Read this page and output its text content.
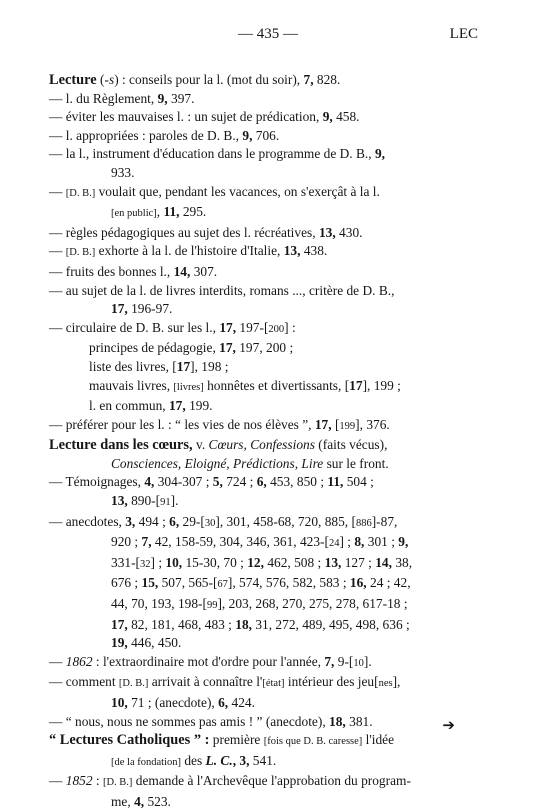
— 435 —	LEC
Lecture (-s) : conseils pour la l. (mot du soir), 7, 828.
— l. du Règlement, 9, 397.
— éviter les mauvaises l. : un sujet de prédication, 9, 458.
— l. appropriées : paroles de D. B., 9, 706.
— la l., instrument d'éducation dans le programme de D. B., 9,
933.
— [D. B.] voulait que, pendant les vacances, on s'exerçât à la l.
[en public], 11, 295.
— règles pédagogiques au sujet des l. récréatives, 13, 430.
— [D. B.] exhorte à la l. de l'histoire d'Italie, 13, 438.
— fruits des bonnes l., 14, 307.
— au sujet de la l. de livres interdits, romans ..., critère de D. B.,
17, 196-97.
— circulaire de D. B. sur les l., 17, 197-[200] :
principes de pédagogie, 17, 197, 200 ;
liste des livres, [17], 198 ;
mauvais livres, [livres] honnêtes et divertissants, [17], 199 ;
l. en commun, 17, 199.
— préférer pour les l. : “ les vies de nos élèves ”, 17, [199], 376.
Lecture dans les cœurs, v. Cœurs, Confessions (faits vécus),
Consciences, Eloigné, Prédictions, Lire sur le front.
— Témoignages, 4, 304-307 ; 5, 724 ; 6, 453, 850 ; 11, 504 ;
13, 890-[91].
— anecdotes, 3, 494 ; 6, 29-[30], 301, 458-68, 720, 885, [886]-87,
920 ; 7, 42, 158-59, 304, 346, 361, 423-[24] ; 8, 301 ; 9,
331-[32] ; 10, 15-30, 70 ; 12, 462, 508 ; 13, 127 ; 14, 38,
676 ; 15, 507, 565-[67], 574, 576, 582, 583 ; 16, 24 ; 42,
44, 70, 193, 198-[99], 203, 268, 270, 275, 278, 617-18 ;
17, 82, 181, 468, 483 ; 18, 31, 272, 489, 495, 498, 636 ;
19, 446, 450.
— 1862 : l'extraordinaire mot d'ordre pour l'année, 7, 9-[10].
— comment [D. B.] arrivait à connaître l'[état] intérieur des jeu[nes],
10, 71 ; (anecdote), 6, 424.
— “ nous, nous ne sommes pas amis ! ” (anecdote), 18, 381.
“ Lectures Catholiques ” : première [fois que D. B. caresse] l'idée
[de la fondation] des L. C., 3, 541.
— 1852 : [D. B.] demande à l'Archevêque l'approbation du program-
me, 4, 523.
➔
